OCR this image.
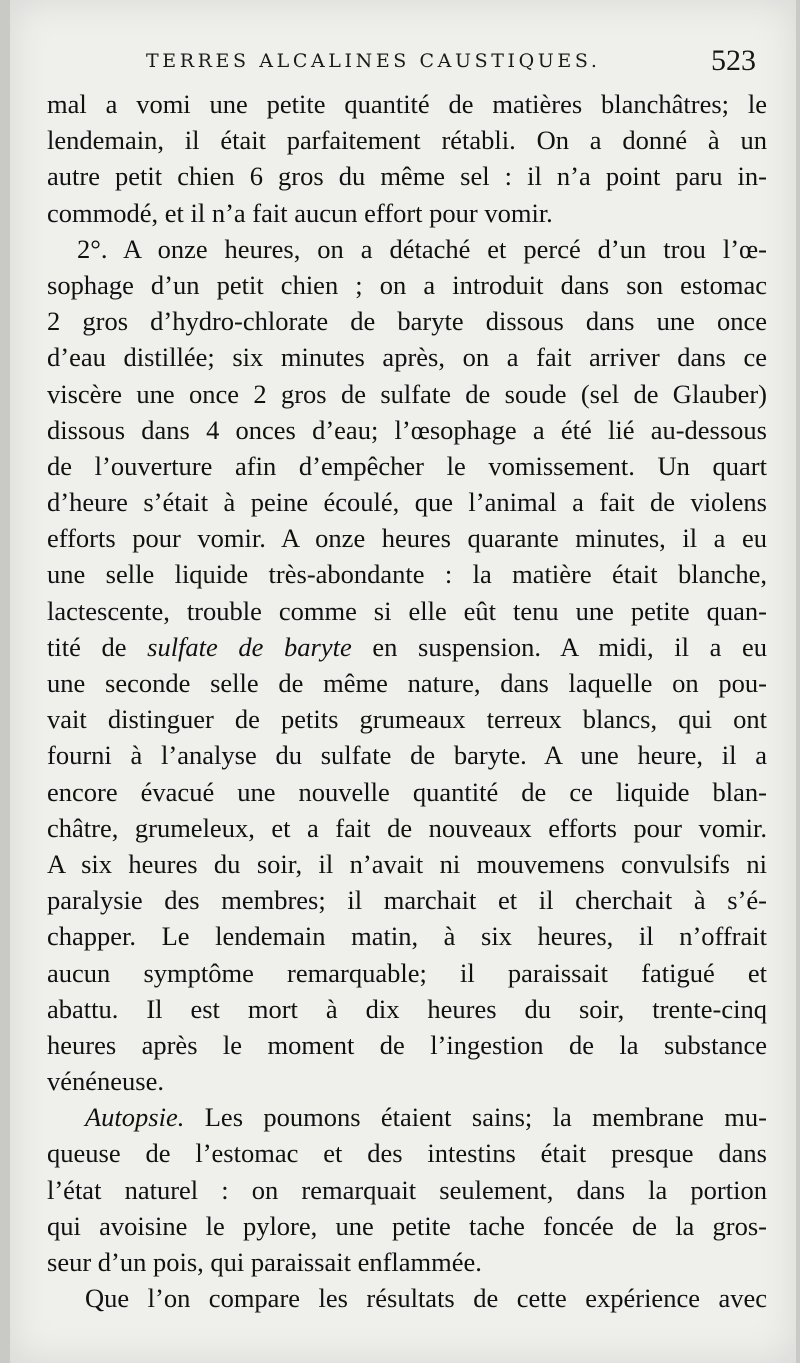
TERRES ALCALINES CAUSTIQUES.	523
mal a vomi une petite quantité de matières blanchâtres; le
lendemain, il était parfaitement rétabli. On a donné à un
autre petit chien 6 gros du même sel : il n’a point paru in-
commodé, et il n’a fait aucun effort pour vomir.
2°. A onze heures, on a détaché et percé d’un trou l’œ-
sophage d’un petit chien ; on a introduit dans son estomac
2 gros d’hydro-chlorate de baryte dissous dans une once
d’eau distillée; six minutes après, on a fait arriver dans ce
viscère une once 2 gros de sulfate de soude (sel de Glauber)
dissous dans 4 onces d’eau; l’œsophage a été lié au-dessous
de l’ouverture afin d’empêcher le vomissement. Un quart
d’heure s’était à peine écoulé, que l’animal a fait de violens
efforts pour vomir. A onze heures quarante minutes, il a eu
une selle liquide très-abondante : la matière était blanche,
lactescente, trouble comme si elle eût tenu une petite quan-
tité de sulfate de baryte en suspension. A midi, il a eu
une seconde selle de même nature, dans laquelle on pou-
vait distinguer de petits grumeaux terreux blancs, qui ont
fourni à l’analyse du sulfate de baryte. A une heure, il a
encore évacué une nouvelle quantité de ce liquide blan-
châtre, grumeleux, et a fait de nouveaux efforts pour vomir.
A six heures du soir, il n’avait ni mouvemens convulsifs ni
paralysie des membres; il marchait et il cherchait à s’é-
chapper. Le lendemain matin, à six heures, il n’offrait
aucun symptôme remarquable; il paraissait fatigué et
abattu. Il est mort à dix heures du soir, trente-cinq
heures après le moment de l’ingestion de la substance
vénéneuse.
Autopsie. Les poumons étaient sains; la membrane mu-
queuse de l’estomac et des intestins était presque dans
l’état naturel : on remarquait seulement, dans la portion
qui avoisine le pylore, une petite tache foncée de la gros-
seur d’un pois, qui paraissait enflammée.
Que l’on compare les résultats de cette expérience avec
